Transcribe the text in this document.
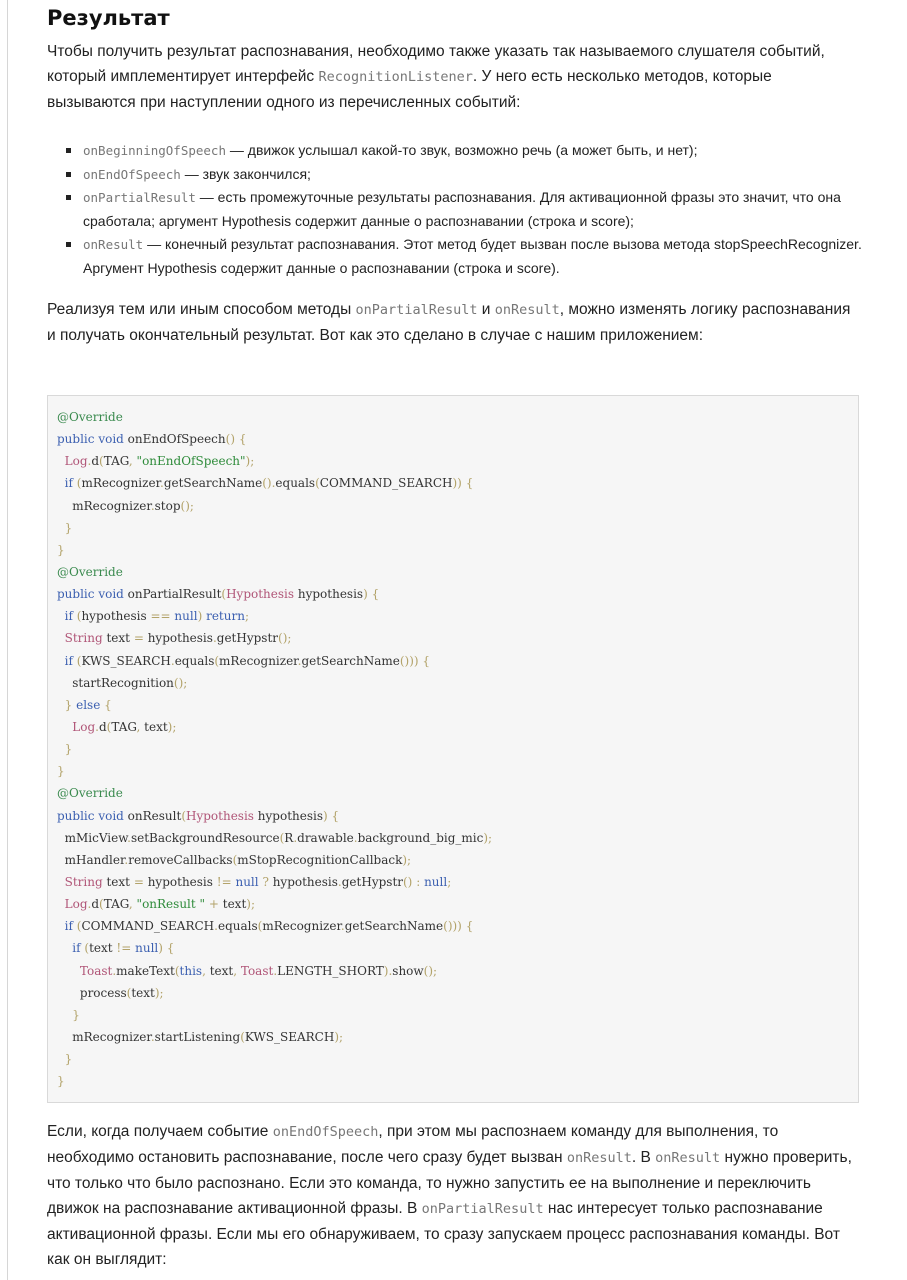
Результат

Чтобы получить результат распознавания, необходимо также указать так называемого слушателя событий, который имплементирует интерфейс RecognitionListener. У него есть несколько методов, которые вызываются при наступлении одного из перечисленных событий:

onBeginningOfSpeech — движок услышал какой-то звук, возможно речь (а может быть, и нет);
onEndOfSpeech — звук закончился;
onPartialResult — есть промежуточные результаты распознавания. Для активационной фразы это значит, что она сработала; аргумент Hypothesis содержит данные о распознавании (строка и score);
onResult — конечный результат распознавания. Этот метод будет вызван после вызова метода stopSpeechRecognizer. Аргумент Hypothesis содержит данные о распознавании (строка и score).

Реализуя тем или иным способом методы onPartialResult и onResult, можно изменять логику распознавания и получать окончательный результат. Вот как это сделано в случае с нашим приложением:

@Override
public void onEndOfSpeech() {
Log.d(TAG, "onEndOfSpeech");
if (mRecognizer.getSearchName().equals(COMMAND_SEARCH)) {
mRecognizer.stop();
}
}
@Override
public void onPartialResult(Hypothesis hypothesis) {
if (hypothesis == null) return;
String text = hypothesis.getHypstr();
if (KWS_SEARCH.equals(mRecognizer.getSearchName())) {
startRecognition();
} else {
Log.d(TAG, text);
}
}
@Override
public void onResult(Hypothesis hypothesis) {
mMicView.setBackgroundResource(R.drawable.background_big_mic);
mHandler.removeCallbacks(mStopRecognitionCallback);
String text = hypothesis != null ? hypothesis.getHypstr() : null;
Log.d(TAG, "onResult " + text);
if (COMMAND_SEARCH.equals(mRecognizer.getSearchName())) {
if (text != null) {
Toast.makeText(this, text, Toast.LENGTH_SHORT).show();
process(text);
}
mRecognizer.startListening(KWS_SEARCH);
}
}

Если, когда получаем событие onEndOfSpeech, при этом мы распознаем команду для выполнения, то необходимо остановить распознавание, после чего сразу будет вызван onResult. В onResult нужно проверить, что только что было распознано. Если это команда, то нужно запустить ее на выполнение и переключить движок на распознавание активационной фразы. В onPartialResult нас интересует только распознавание активационной фразы. Если мы его обнаруживаем, то сразу запускаем процесс распознавания команды. Вот как он выглядит:
